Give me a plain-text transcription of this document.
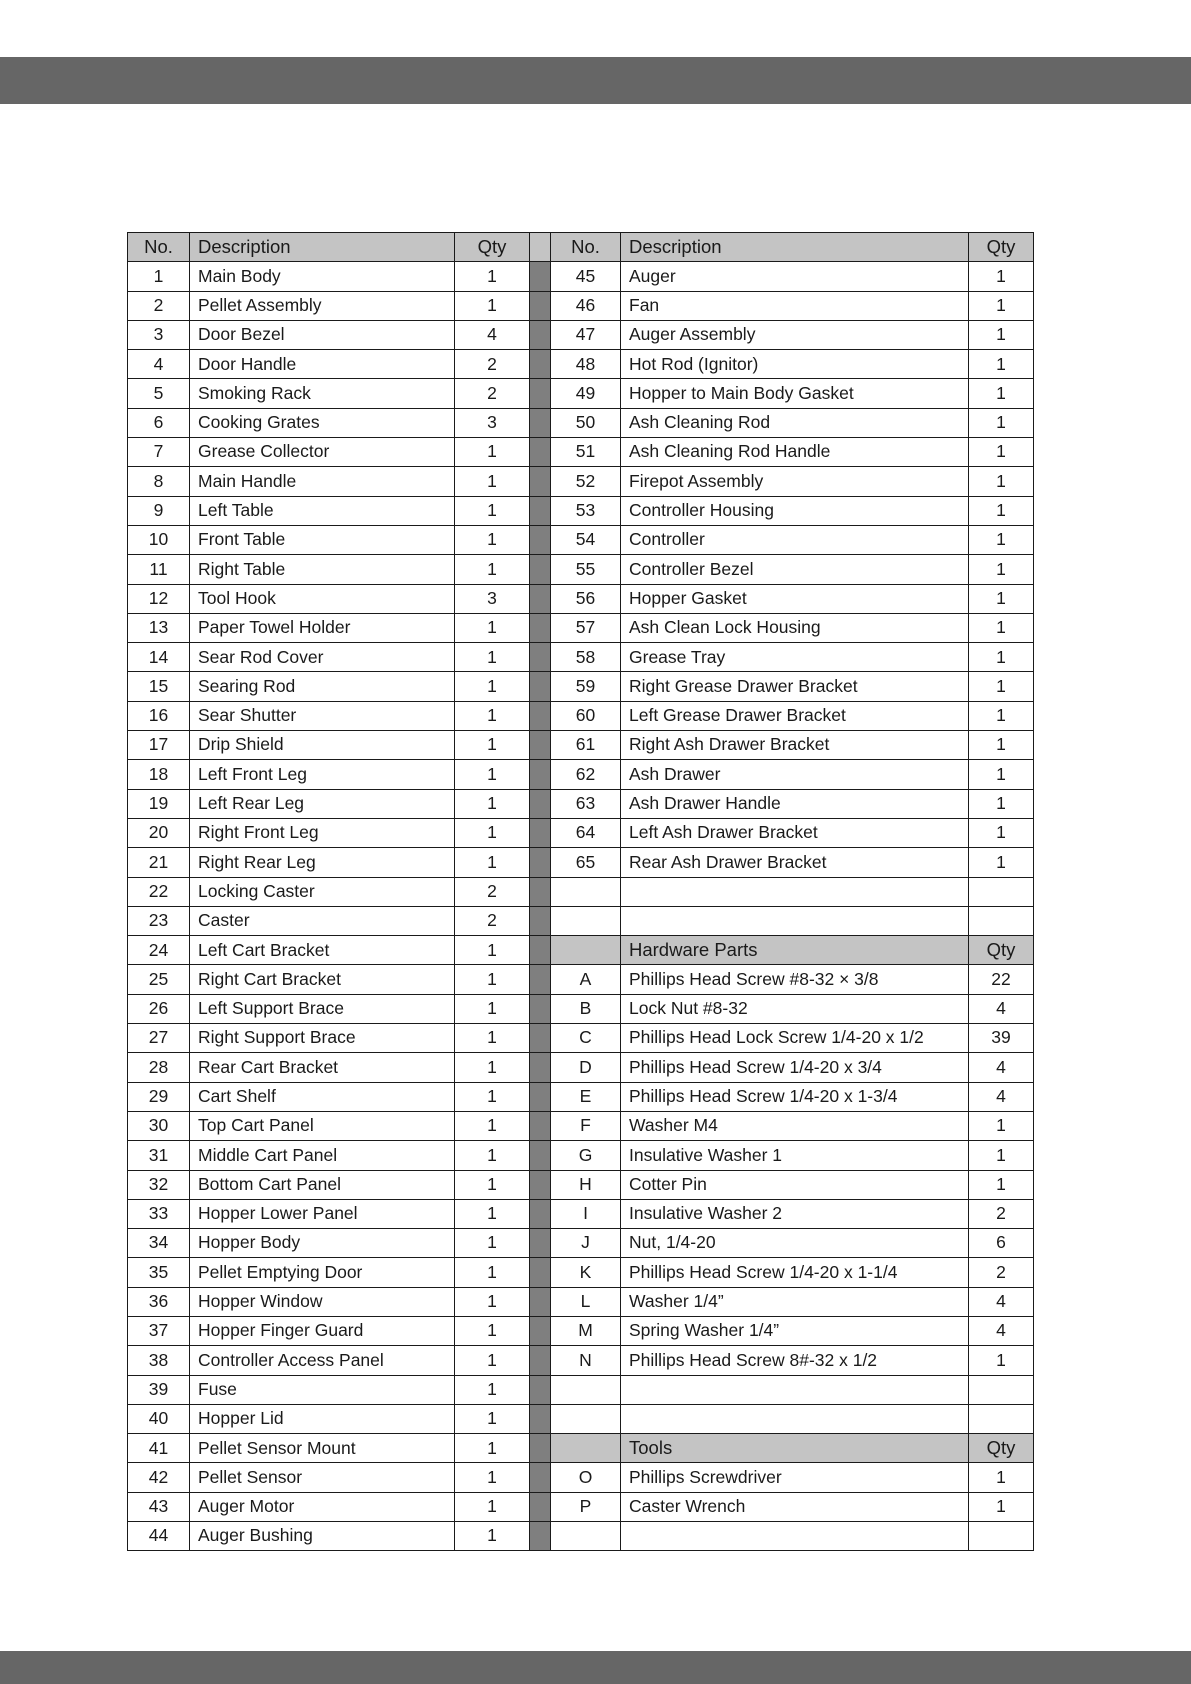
No.	Description	Qty		No.	Description	Qty
1	Main Body	1		45	Auger	1
2	Pellet Assembly	1		46	Fan	1
3	Door Bezel	4		47	Auger Assembly	1
4	Door Handle	2		48	Hot Rod (Ignitor)	1
5	Smoking Rack	2		49	Hopper to Main Body Gasket	1
6	Cooking Grates	3		50	Ash Cleaning Rod	1
7	Grease Collector	1		51	Ash Cleaning Rod Handle	1
8	Main Handle	1		52	Firepot Assembly	1
9	Left Table	1		53	Controller Housing	1
10	Front Table	1		54	Controller	1
11	Right Table	1		55	Controller Bezel	1
12	Tool Hook	3		56	Hopper Gasket	1
13	Paper Towel Holder	1		57	Ash Clean Lock Housing	1
14	Sear Rod Cover	1		58	Grease Tray	1
15	Searing Rod	1		59	Right Grease Drawer Bracket	1
16	Sear Shutter	1		60	Left Grease Drawer Bracket	1
17	Drip Shield	1		61	Right Ash Drawer Bracket	1
18	Left Front Leg	1		62	Ash Drawer	1
19	Left Rear Leg	1		63	Ash Drawer Handle	1
20	Right Front Leg	1		64	Left Ash Drawer Bracket	1
21	Right Rear Leg	1		65	Rear Ash Drawer Bracket	1
22	Locking Caster	2				
23	Caster	2				
24	Left Cart Bracket	1			Hardware Parts	Qty
25	Right Cart Bracket	1		A	Phillips Head Screw #8-32 × 3/8	22
26	Left Support Brace	1		B	Lock Nut #8-32	4
27	Right Support Brace	1		C	Phillips Head Lock Screw 1/4-20 x 1/2	39
28	Rear Cart Bracket	1		D	Phillips Head Screw 1/4-20 x 3/4	4
29	Cart Shelf	1		E	Phillips Head Screw 1/4-20 x 1-3/4	4
30	Top Cart Panel	1		F	Washer M4	1
31	Middle Cart Panel	1		G	Insulative Washer 1	1
32	Bottom Cart Panel	1		H	Cotter Pin	1
33	Hopper Lower Panel	1		I	Insulative Washer 2	2
34	Hopper Body	1		J	Nut, 1/4-20	6
35	Pellet Emptying Door	1		K	Phillips Head Screw 1/4-20 x 1-1/4	2
36	Hopper Window	1		L	Washer 1/4”	4
37	Hopper Finger Guard	1		M	Spring Washer 1/4”	4
38	Controller Access Panel	1		N	Phillips Head Screw 8#-32 x 1/2	1
39	Fuse	1				
40	Hopper Lid	1				
41	Pellet Sensor Mount	1			Tools	Qty
42	Pellet Sensor	1		O	Phillips Screwdriver	1
43	Auger Motor	1		P	Caster Wrench	1
44	Auger Bushing	1				
